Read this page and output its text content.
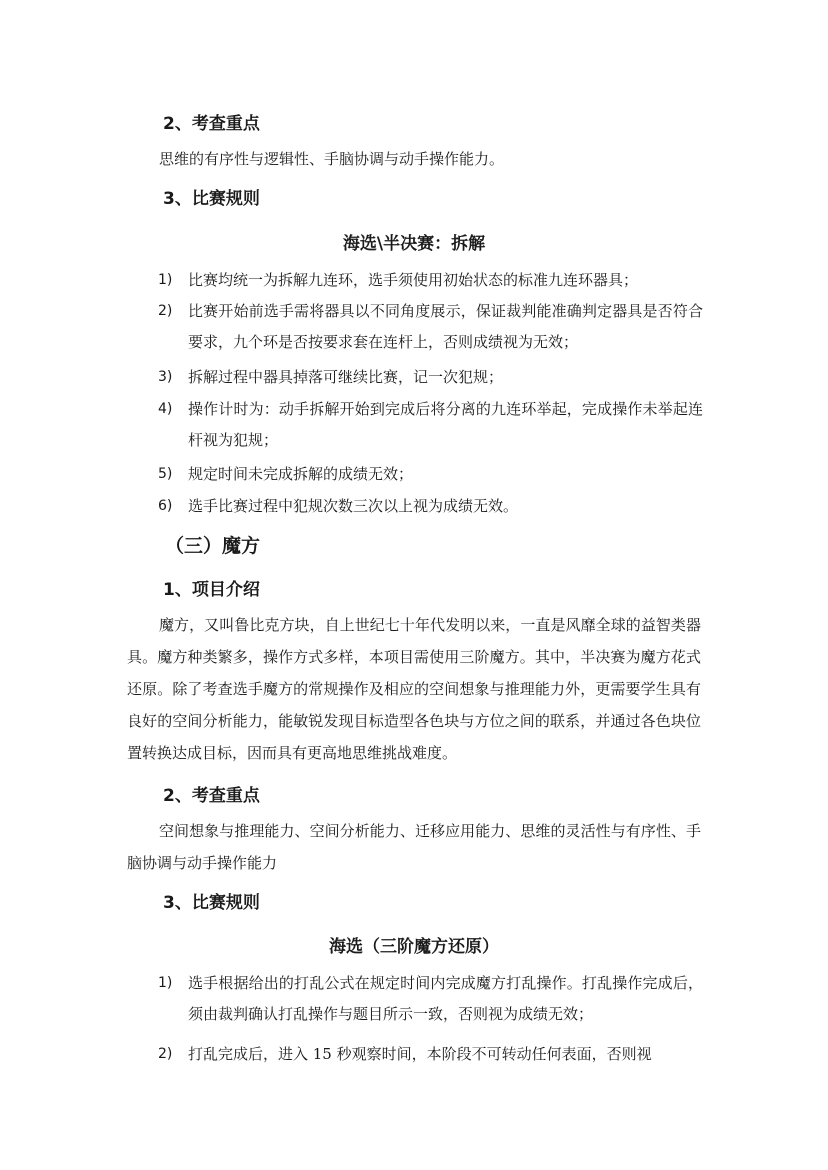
2、考查重点
思维的有序性与逻辑性、手脑协调与动手操作能力。
3、比赛规则
海选\半决赛：拆解
1) 比赛均统一为拆解九连环，选手须使用初始状态的标准九连环器具；
2) 比赛开始前选手需将器具以不同角度展示，保证裁判能准确判定器具是否符合要求，九个环是否按要求套在连杆上，否则成绩视为无效；
3) 拆解过程中器具掉落可继续比赛，记一次犯规；
4) 操作计时为：动手拆解开始到完成后将分离的九连环举起，完成操作未举起连杆视为犯规；
5) 规定时间未完成拆解的成绩无效；
6) 选手比赛过程中犯规次数三次以上视为成绩无效。
（三）魔方
1、项目介绍
魔方，又叫鲁比克方块，自上世纪七十年代发明以来，一直是风靡全球的益智类器具。魔方种类繁多，操作方式多样，本项目需使用三阶魔方。其中，半决赛为魔方花式还原。除了考查选手魔方的常规操作及相应的空间想象与推理能力外，更需要学生具有良好的空间分析能力，能敏锐发现目标造型各色块与方位之间的联系，并通过各色块位置转换达成目标，因而具有更高地思维挑战难度。
2、考查重点
空间想象与推理能力、空间分析能力、迁移应用能力、思维的灵活性与有序性、手脑协调与动手操作能力
3、比赛规则
海选（三阶魔方还原）
1) 选手根据给出的打乱公式在规定时间内完成魔方打乱操作。打乱操作完成后，须由裁判确认打乱操作与题目所示一致，否则视为成绩无效；
2) 打乱完成后，进入 15 秒观察时间，本阶段不可转动任何表面，否则视
